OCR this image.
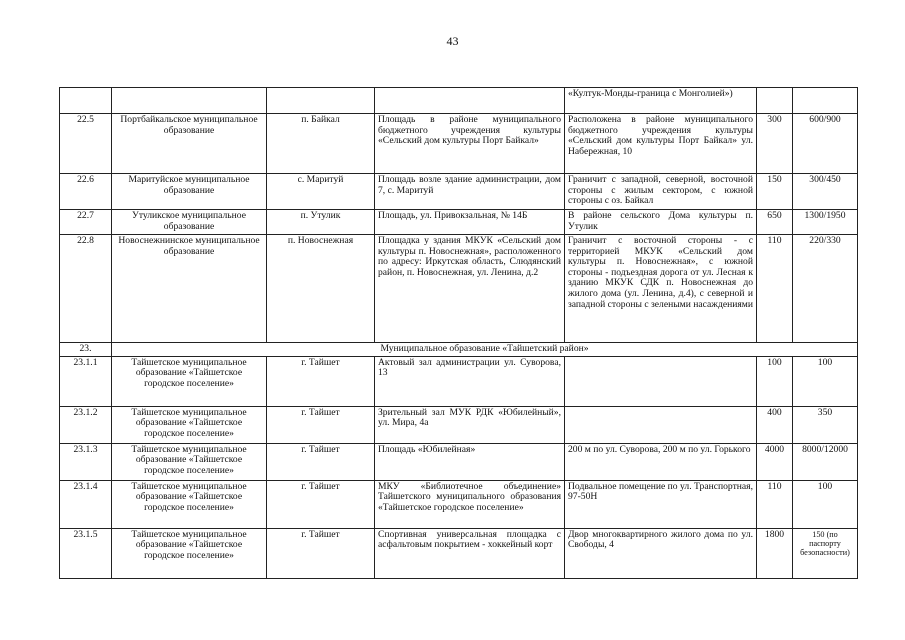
43
				«Култук-Монды-граница с Монголией»)		
22.5	Портбайкальское муниципальное образование	п. Байкал	Площадь в районе муниципального бюджетного учреждения культуры «Сельский дом культуры Порт Байкал»	Расположена в районе муниципального бюджетного учреждения культуры «Сельский дом культуры Порт Байкал» ул. Набережная, 10	300	600/900
22.6	Маритуйское муниципальное образование	с. Маритуй	Площадь возле здание администрации, дом 7, с. Маритуй	Граничит с западной, северной, восточной стороны с жилым сектором, с южной стороны с оз. Байкал	150	300/450
22.7	Утуликское муниципальное образование	п. Утулик	Площадь, ул. Привокзальная, № 14Б	В районе сельского Дома культуры п. Утулик	650	1300/1950
22.8	Новоснежнинское муниципальное образование	п. Новоснежная	Площадка у здания МКУК «Сельский дом культуры п. Новоснежная», расположенного по адресу: Иркутская область, Слюдянский район, п. Новоснежная, ул. Ленина, д.2	Граничит с восточной стороны - с территорией МКУК «Сельский дом культуры п. Новоснежная», с южной стороны - подъездная дорога от ул. Лесная к зданию МКУК СДК п. Новоснежная до жилого дома (ул. Ленина, д.4), с северной и западной стороны с зелеными насаждениями	110	220/330
23.	Муниципальное образование «Тайшетский район»					
23.1.1	Тайшетское муниципальное образование «Тайшетское городское поселение»	г. Тайшет	Актовый зал администрации ул. Суворова, 13		100	100
23.1.2	Тайшетское муниципальное образование «Тайшетское городское поселение»	г. Тайшет	Зрительный зал МУК РДК «Юбилейный», ул. Мира, 4а		400	350
23.1.3	Тайшетское муниципальное образование «Тайшетское городское поселение»	г. Тайшет	Площадь «Юбилейная»	200 м по ул. Суворова, 200 м по ул. Горького	4000	8000/12000
23.1.4	Тайшетское муниципальное образование «Тайшетское городское поселение»	г. Тайшет	МКУ «Библиотечное объединение» Тайшетского муниципального образования «Тайшетское городское поселение»	Подвальное помещение по ул. Транспортная, 97-50Н	110	100
23.1.5	Тайшетское муниципальное образование «Тайшетское городское поселение»	г. Тайшет	Спортивная универсальная площадка с асфальтовым покрытием - хоккейный корт	Двор многоквартирного жилого дома по ул. Свободы, 4	1800	150 (по паспорту безопасности)
